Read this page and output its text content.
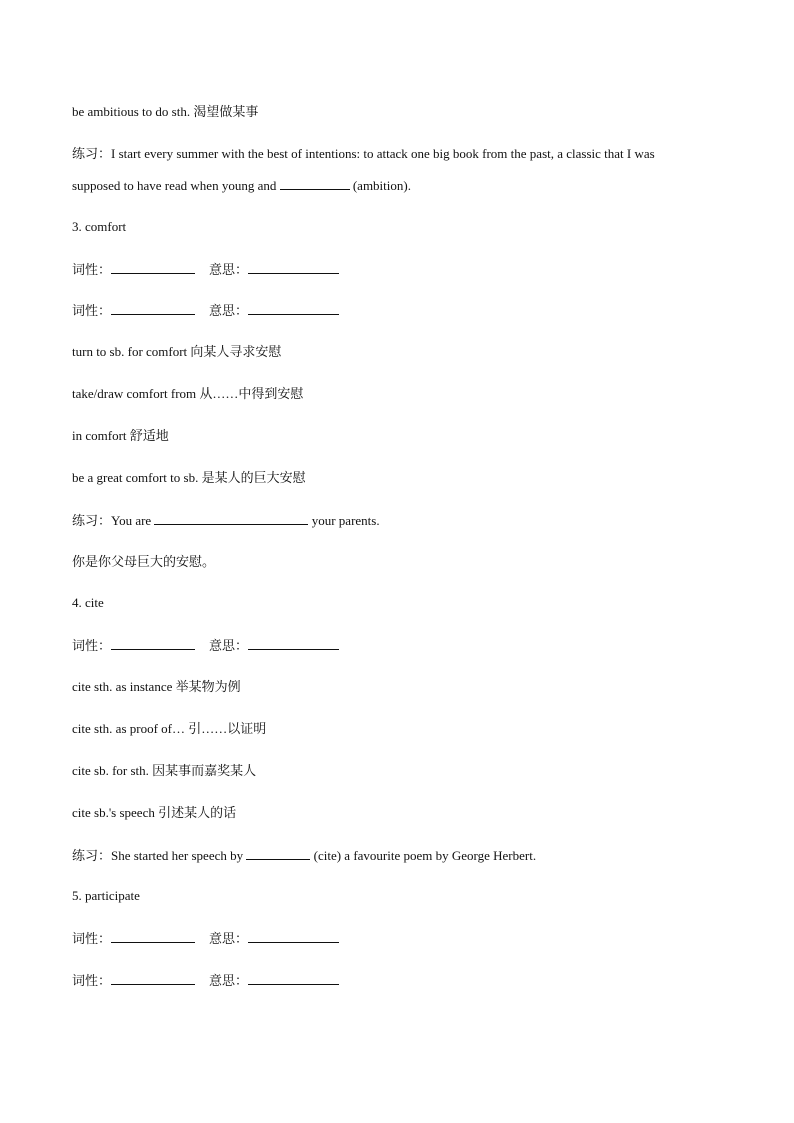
be ambitious to do sth. 渴望做某事
练习：I start every summer with the best of intentions: to attack one big book from the past, a classic that I was
supposed to have read when young and	(ambition).
3. comfort
词性：	意思：
词性：	意思：
turn to sb. for comfort 向某人寻求安慰
take/draw comfort from 从……中得到安慰
in comfort 舒适地
be a great comfort to sb. 是某人的巨大安慰
练习：You are	your parents.
你是你父母巨大的安慰。
4. cite
词性：	意思：
cite sth. as instance 举某物为例
cite sth. as proof of… 引……以证明
cite sb. for sth. 因某事而嘉奖某人
cite sb.'s speech 引述某人的话
练习：She started her speech by	(cite) a favourite poem by George Herbert.
5. participate
词性：	意思：
词性：	意思：
